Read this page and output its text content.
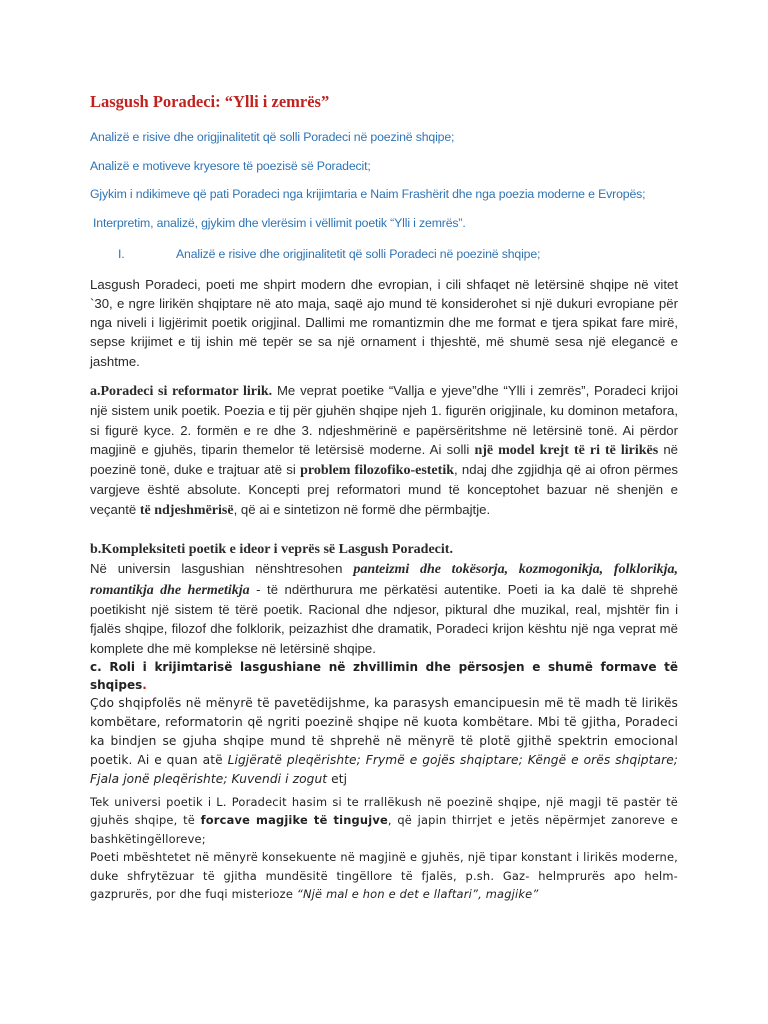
Lasgush Poradeci: “Ylli i zemrës”

Analizë e risive dhe origjinalitetit që solli Poradeci në poezinë shqipe;

Analizë e motiveve kryesore të poezisë së Poradecit;

Gjykim i ndikimeve që pati Poradeci nga krijimtaria e Naim Frashërit dhe nga poezia moderne e Evropës;

Interpretim, analizë, gjykim dhe vlerësim i vëllimit poetik “Ylli i zemrës”.

I.	Analizë e risive dhe origjinalitetit që solli Poradeci në poezinë shqipe;

Lasgush Poradeci, poeti me shpirt modern dhe evropian, i cili shfaqet në letërsinë shqipe në vitet `30, e ngre lirikën shqiptare në ato maja, saqë ajo mund të konsiderohet si një dukuri evropiane për nga niveli i ligjërimit poetik origjinal. Dallimi me romantizmin dhe me format e tjera spikat fare mirë, sepse krijimet e tij ishin më tepër se sa një ornament i thjeshtë, më shumë sesa një elegancë e jashtme.

a.Poradeci si reformator lirik. Me veprat poetike “Vallja e yjeve”dhe “Ylli i zemrës”, Poradeci krijoi një sistem unik poetik. Poezia e tij për gjuhën shqipe njeh 1. figurën origjinale, ku dominon metafora, si figurë kyce. 2. formën e re dhe 3. ndjeshmërinë e papërsëritshme në letërsinë tonë. Ai përdor magjinë e gjuhës, tiparin themelor të letërsisë moderne. Ai solli një model krejt të ri të lirikës në poezinë tonë, duke e trajtuar atë si problem filozofiko-estetik, ndaj dhe zgjidhja që ai ofron përmes vargjeve është absolute. Koncepti prej reformatori mund të konceptohet bazuar në shenjën e veçantë të ndjeshmërisë, që ai e sintetizon në formë dhe përmbajtje.

b.Kompleksiteti poetik e ideor i veprës së Lasgush Poradecit.

Në universin lasgushian nënshtresohen panteizmi dhe tokësorja, kozmogonikja, folklorikja, romantikja dhe hermetikja - të ndërthurura me përkatësi autentike. Poeti ia ka dalë të shprehë poetikisht një sistem të tërë poetik. Racional dhe ndjesor, piktural dhe muzikal, real, mjshtër fin i fjalës shqipe, filozof dhe folklorik, peizazhist dhe dramatik, Poradeci krijon kështu një nga veprat më komplete dhe më komplekse në letërsinë shqipe.

c. Roli i krijimtarisë lasgushiane në zhvillimin dhe përsosjen e shumë formave të shqipes.

Çdo shqipfolës në mënyrë të pavetëdijshme, ka parasysh emancipuesin më të madh të lirikës kombëtare, reformatorin që ngriti poezinë shqipe në kuota kombëtare. Mbi të gjitha, Poradeci ka bindjen se gjuha shqipe mund të shprehë në mënyrë të plotë gjithë spektrin emocional poetik. Ai e quan atë Ligjëratë pleqërishte; Frymë e gojës shqiptare; Këngë e orës shqiptare; Fjala jonë pleqërishte; Kuvendi i zogut etj

Tek universi poetik i L. Poradecit hasim si te rrallëkush në poezinë shqipe, një magji të pastër të gjuhës shqipe, të forcave magjike të tingujve, që japin thirrjet e jetës nëpërmjet zanoreve e bashkëtingëlloreve;

Poeti mbështetet në mënyrë konsekuente në magjinë e gjuhës, një tipar konstant i lirikës moderne, duke shfrytëzuar të gjitha mundësitë tingëllore të fjalës, p.sh. Gaz- helmprurës apo helm-gazprurës, por dhe fuqi misterioze “Një mal e hon e det e llaftari”, magjike”
